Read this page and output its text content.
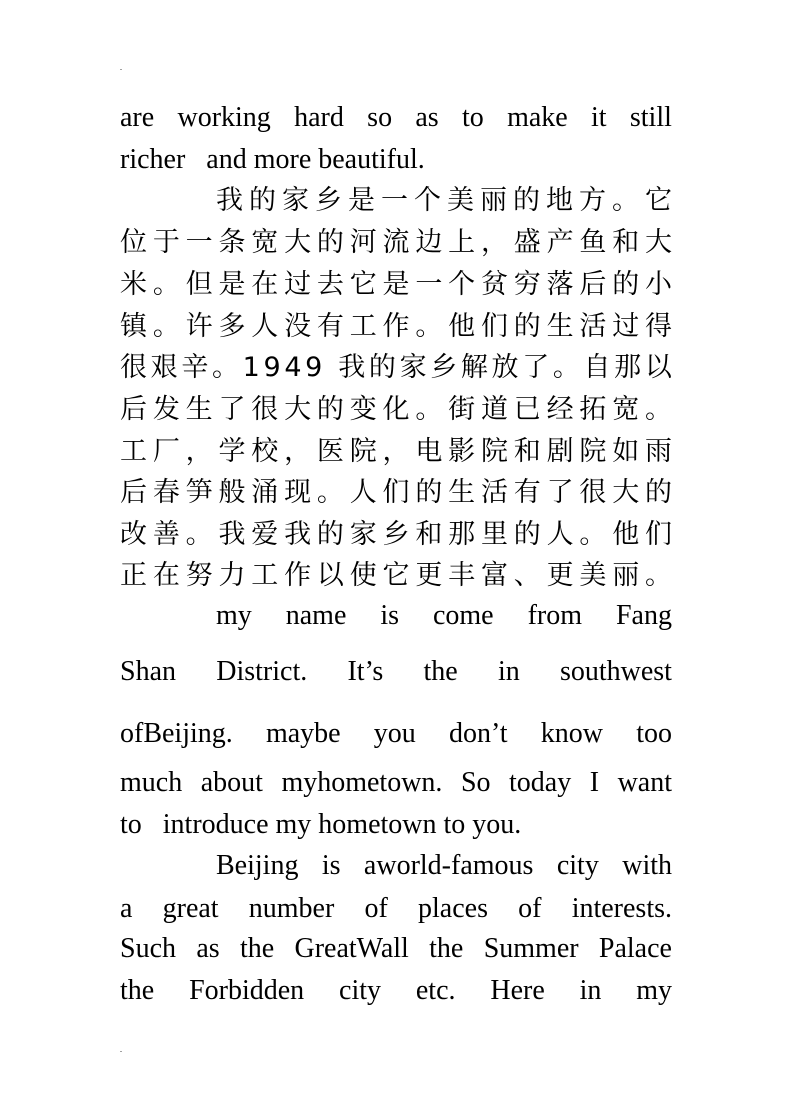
.
are working hard so as to make it still
richer   and more beautiful.
我 的 家 乡 是 一 个 美 丽 的 地 方 。 它
位 于 一 条 宽 大 的 河 流 边 上 ， 盛 产 鱼 和 大
米 。 但 是 在 过 去 它 是 一 个 贫 穷 落 后 的 小
镇 。 许 多 人 没 有 工 作 。 他 们 的 生 活 过 得
很 艰 辛 。 1 9 4 9
我 的 家 乡 解 放 了 。 自 那 以
后 发 生 了 很 大 的 变 化 。 街 道 已 经 拓 宽 。
工 厂 ， 学 校 ， 医 院 ， 电 影 院 和 剧 院 如 雨
后 春 笋 般 涌 现 。 人 们 的 生 活 有 了 很 大 的
改 善 。 我 爱 我 的 家 乡 和 那 里 的 人 。 他 们
正 在 努 力 工 作 以 使 它 更 丰 富 、 更 美 丽 。
my name is come from Fang
Shan District. It’s the in southwest
ofBeijing. maybe you don’t know too
much about myhometown. So today I want
to   introduce my hometown to you.
Beijing is aworld-famous city with
a great number of places of interests.
Such as the GreatWall the Summer Palace
the Forbidden city etc. Here in my
.
